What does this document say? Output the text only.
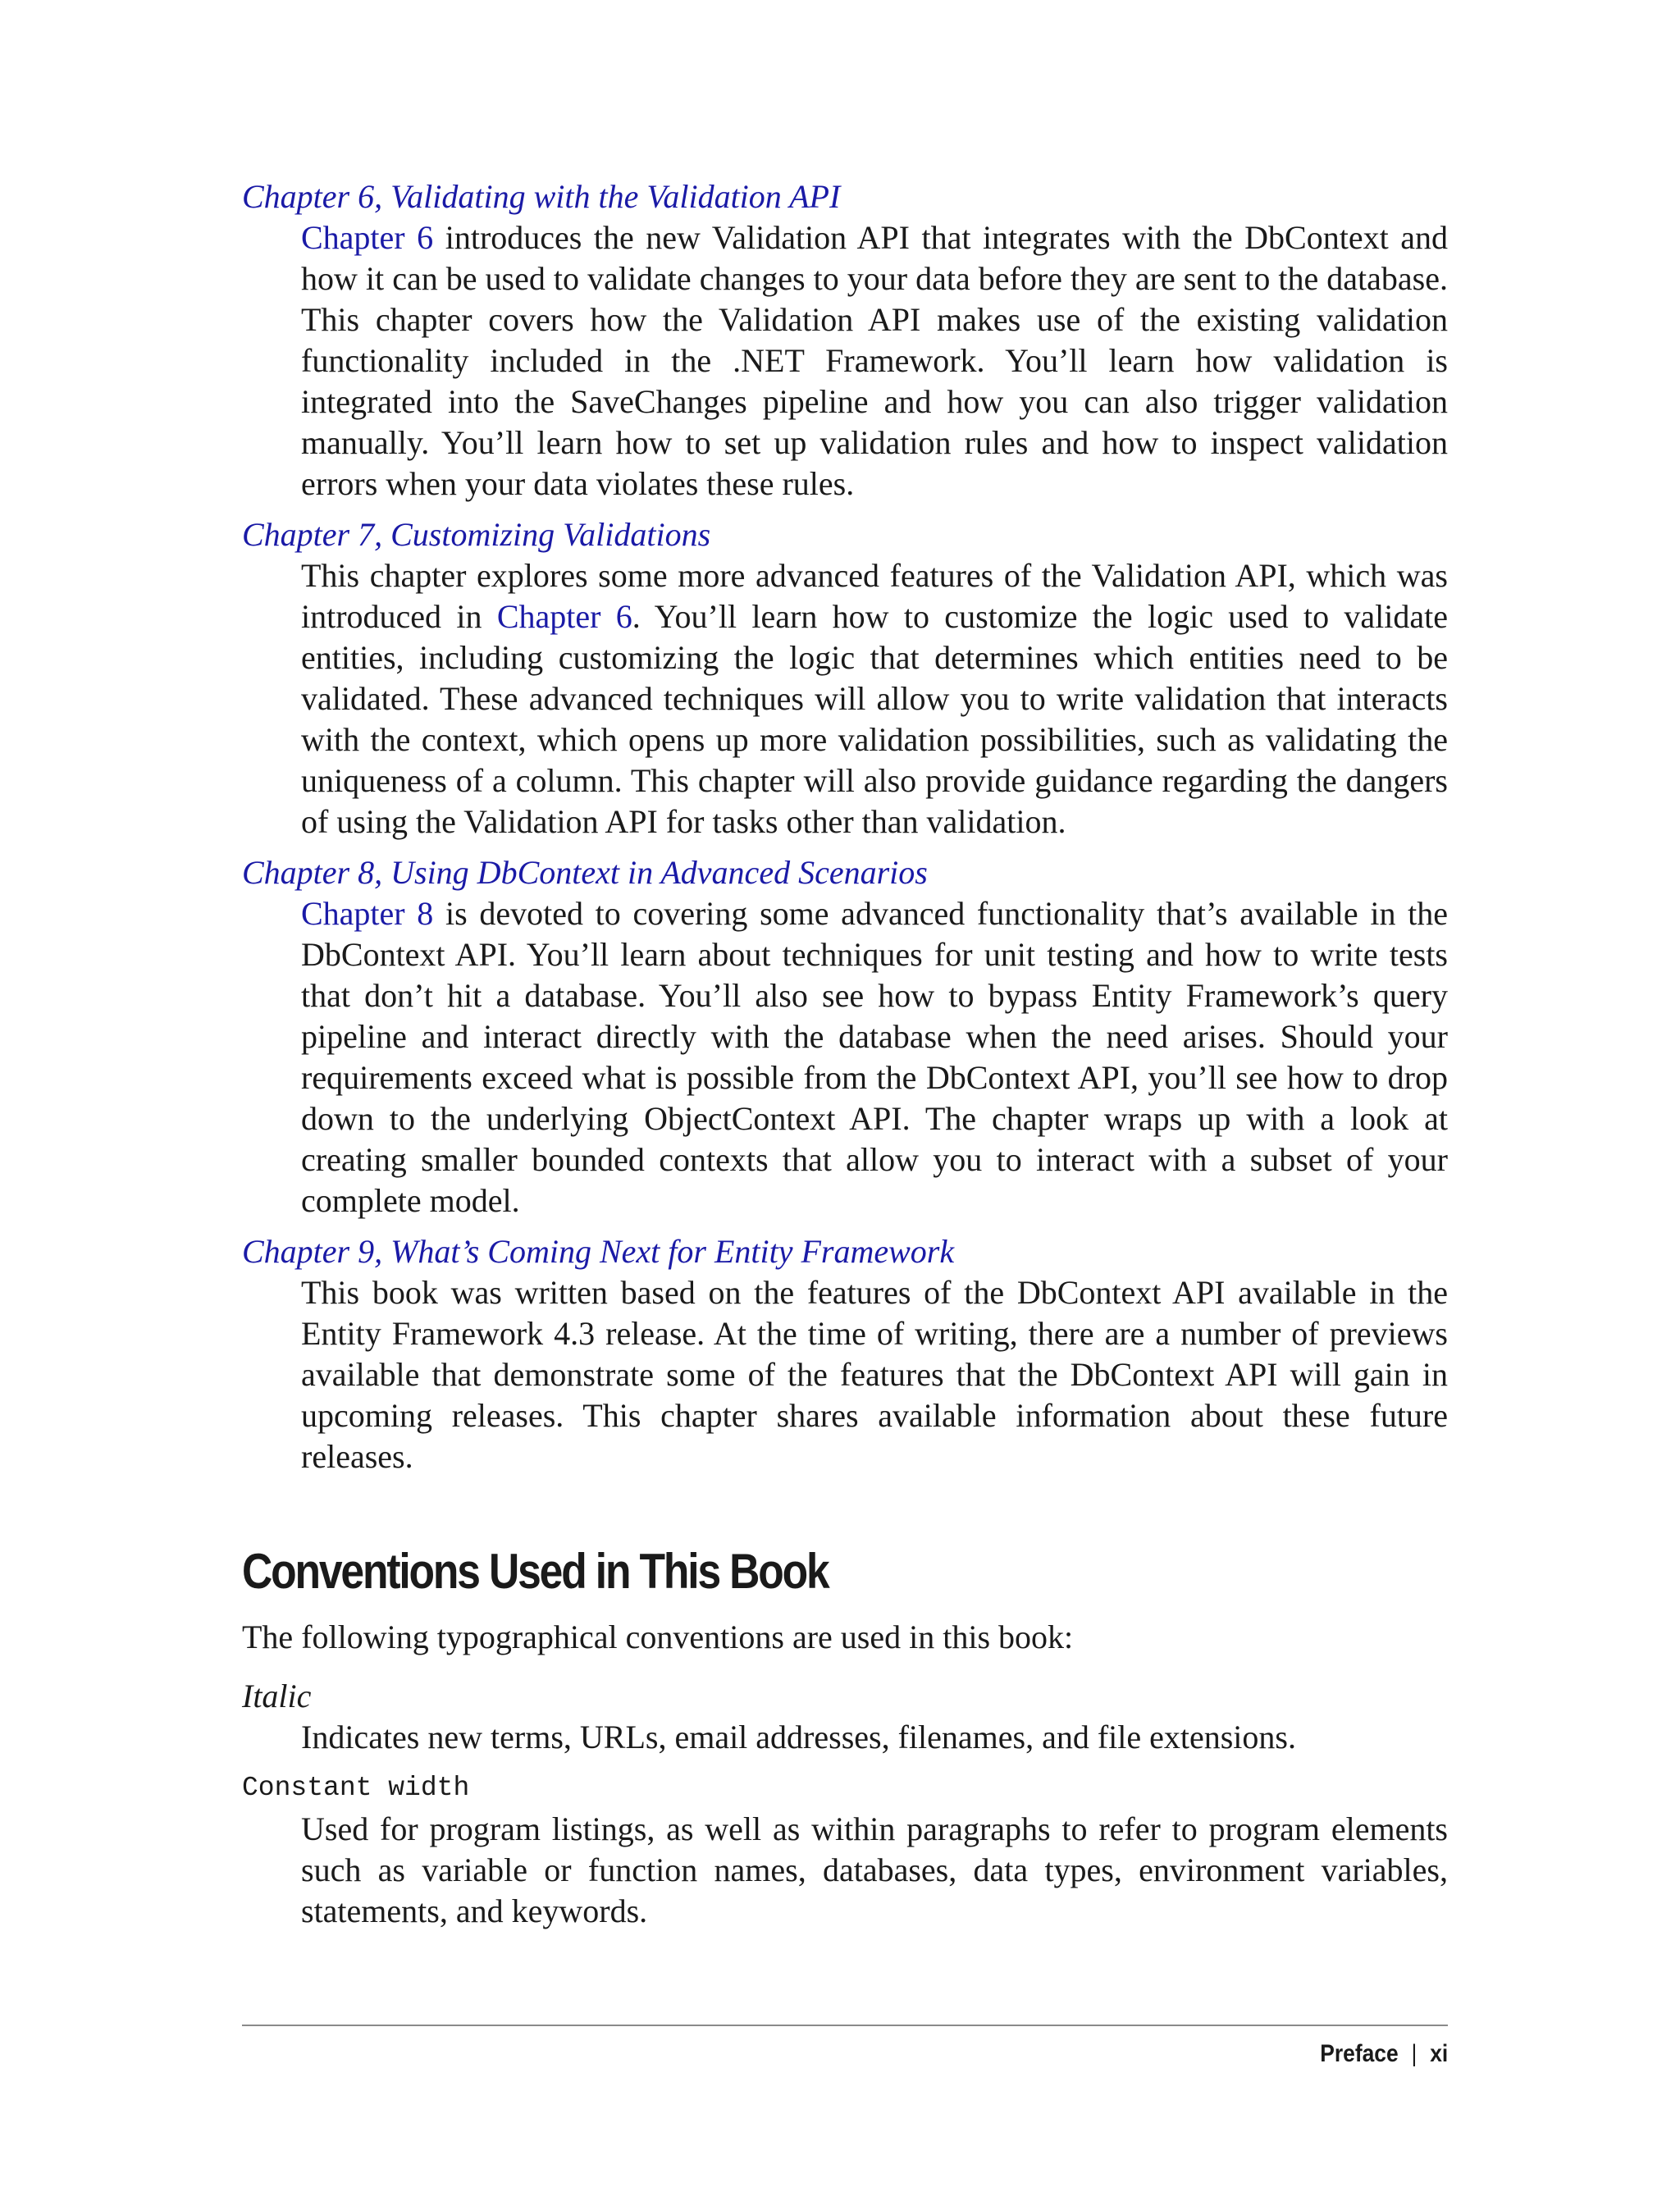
Chapter 6, Validating with the Validation API

Chapter 6 introduces the new Validation API that integrates with the DbContext and how it can be used to validate changes to your data before they are sent to the database. This chapter covers how the Validation API makes use of the existing validation functionality included in the .NET Framework. You’ll learn how validation is integrated into the SaveChanges pipeline and how you can also trigger validation manually. You’ll learn how to set up validation rules and how to inspect validation errors when your data violates these rules.

Chapter 7, Customizing Validations

This chapter explores some more advanced features of the Validation API, which was introduced in Chapter 6. You’ll learn how to customize the logic used to validate entities, including customizing the logic that determines which entities need to be validated. These advanced techniques will allow you to write validation that interacts with the context, which opens up more validation possibilities, such as validating the uniqueness of a column. This chapter will also provide guidance regarding the dangers of using the Validation API for tasks other than validation.

Chapter 8, Using DbContext in Advanced Scenarios

Chapter 8 is devoted to covering some advanced functionality that’s available in the DbContext API. You’ll learn about techniques for unit testing and how to write tests that don’t hit a database. You’ll also see how to bypass Entity Framework’s query pipeline and interact directly with the database when the need arises. Should your requirements exceed what is possible from the DbContext API, you’ll see how to drop down to the underlying ObjectContext API. The chapter wraps up with a look at creating smaller bounded contexts that allow you to interact with a subset of your complete model.

Chapter 9, What’s Coming Next for Entity Framework

This book was written based on the features of the DbContext API available in the Entity Framework 4.3 release. At the time of writing, there are a number of previews available that demonstrate some of the features that the DbContext API will gain in upcoming releases. This chapter shares available information about these future releases.

Conventions Used in This Book

The following typographical conventions are used in this book:

Italic

Indicates new terms, URLs, email addresses, filenames, and file extensions.

Constant width

Used for program listings, as well as within paragraphs to refer to program elements such as variable or function names, databases, data types, environment variables, statements, and keywords.

Preface | xi
